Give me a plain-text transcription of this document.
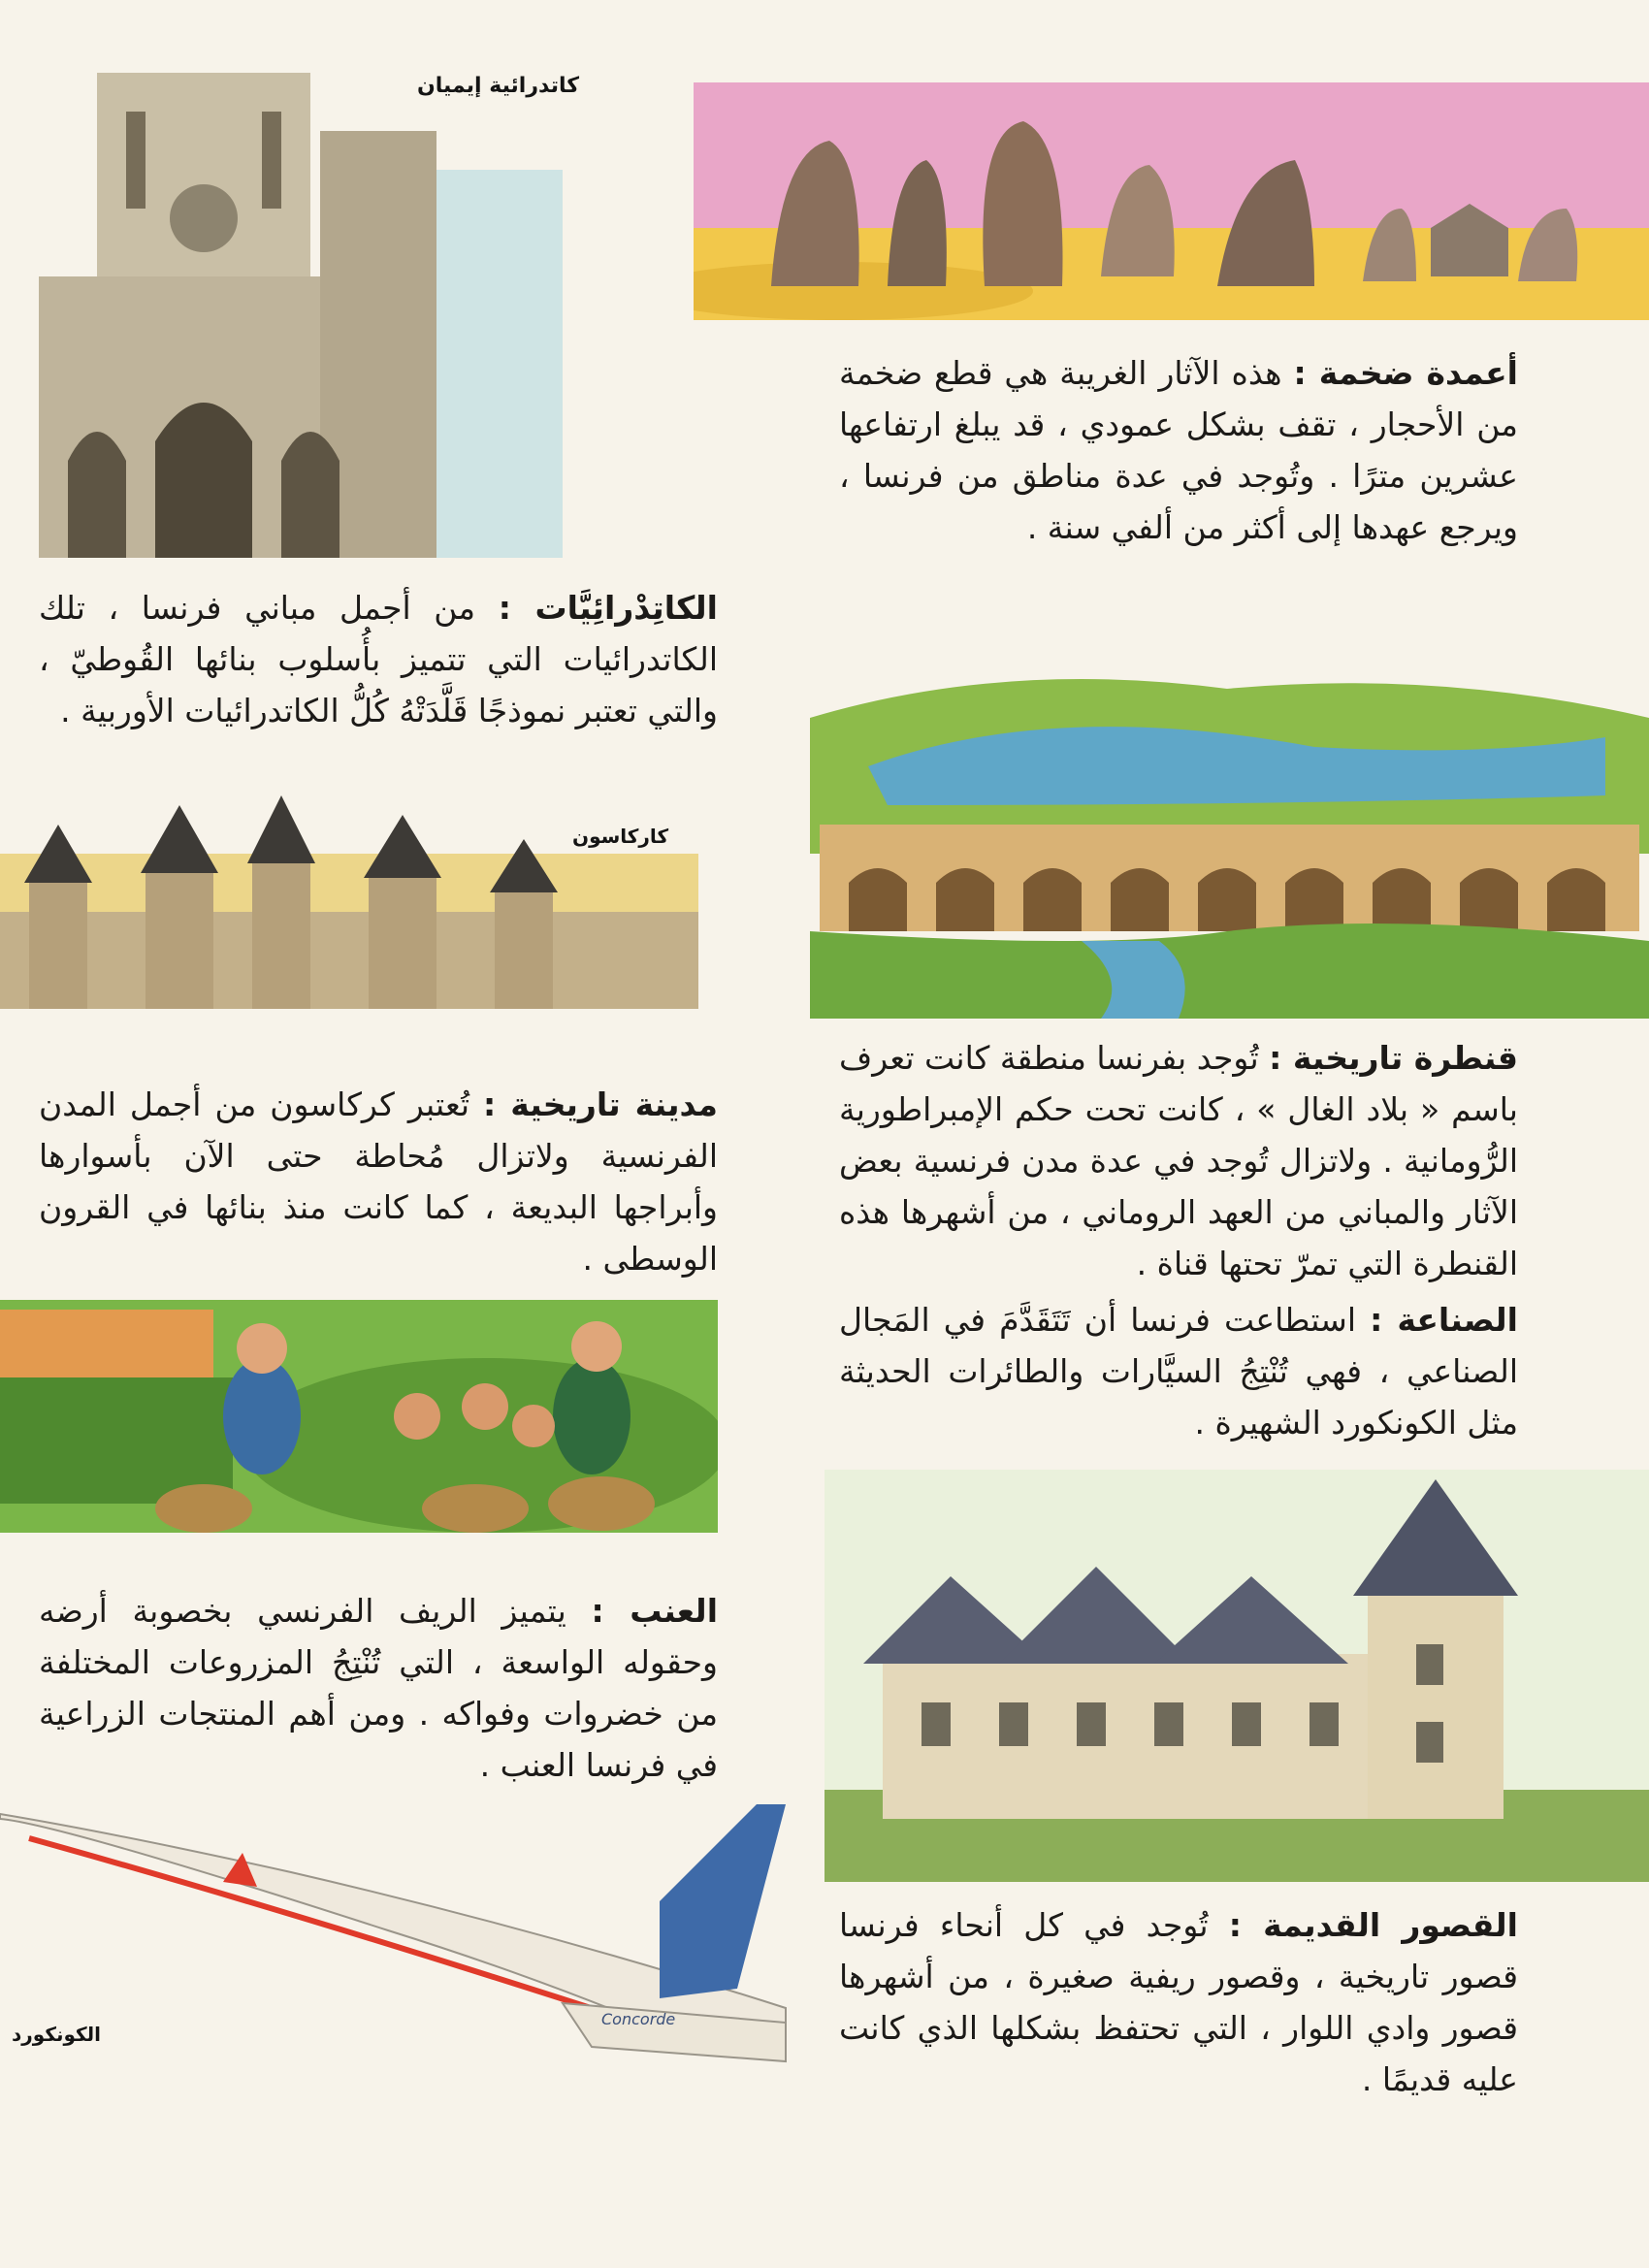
Concorde
كاتدرائية إيميان
كاركاسون
الكونكورد
أعمدة ضخمة : هذه الآثار الغريبة هي قطع ضخمة من الأحجار ، تقف بشكل عمودي ، قد يبلغ ارتفاعها عشرين مترًا . وتُوجد في عدة مناطق من فرنسا ، ويرجع عهدها إلى أكثر من ألفي سنة .
الكاتِدْرائِيَّات : من أجمل مباني فرنسا ، تلك الكاتدرائيات التي تتميز بأُسلوب بنائها القُوطيّ ، والتي تعتبر نموذجًا قَلَّدَتْهُ كُلُّ الكاتدرائيات الأوربية .
قنطرة تاريخية : تُوجد بفرنسا منطقة كانت تعرف باسم « بلاد الغال » ، كانت تحت حكم الإمبراطورية الرُّومانية . ولاتزال تُوجد في عدة مدن فرنسية بعض الآثار والمباني من العهد الروماني ، من أشهرها هذه القنطرة التي تمرّ تحتها قناة .
مدينة تاريخية : تُعتبر كركاسون من أجمل المدن الفرنسية ولاتزال مُحاطة حتى الآن بأسوارها وأبراجها البديعة ، كما كانت منذ بنائها في القرون الوسطى .
الصناعة : استطاعت فرنسا أن تَتَقَدَّمَ في المَجال الصناعي ، فهي تُنْتِجُ السيَّارات والطائرات الحديثة مثل الكونكورد الشهيرة .
العنب : يتميز الريف الفرنسي بخصوبة أرضه وحقوله الواسعة ، التي تُنْتِجُ المزروعات المختلفة من خضروات وفواكه . ومن أهم المنتجات الزراعية في فرنسا العنب .
القصور القديمة : تُوجد في كل أنحاء فرنسا قصور تاريخية ، وقصور ريفية صغيرة ، من أشهرها قصور وادي اللوار ، التي تحتفظ بشكلها الذي كانت عليه قديمًا .
